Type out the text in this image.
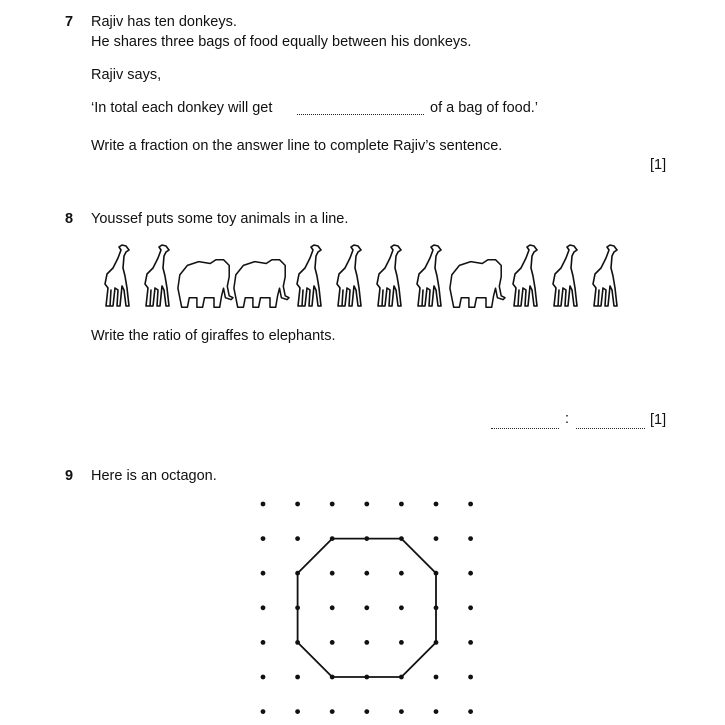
7 Rajiv has ten donkeys.
He shares three bags of food equally between his donkeys.
Rajiv says,
‘In total each donkey will get	of a bag of food.’
Write a fraction on the answer line to complete Rajiv’s sentence.
[1]
8 Youssef puts some toy animals in a line.
Write the ratio of giraffes to elephants.
:	[1]
9 Here is an octagon.
